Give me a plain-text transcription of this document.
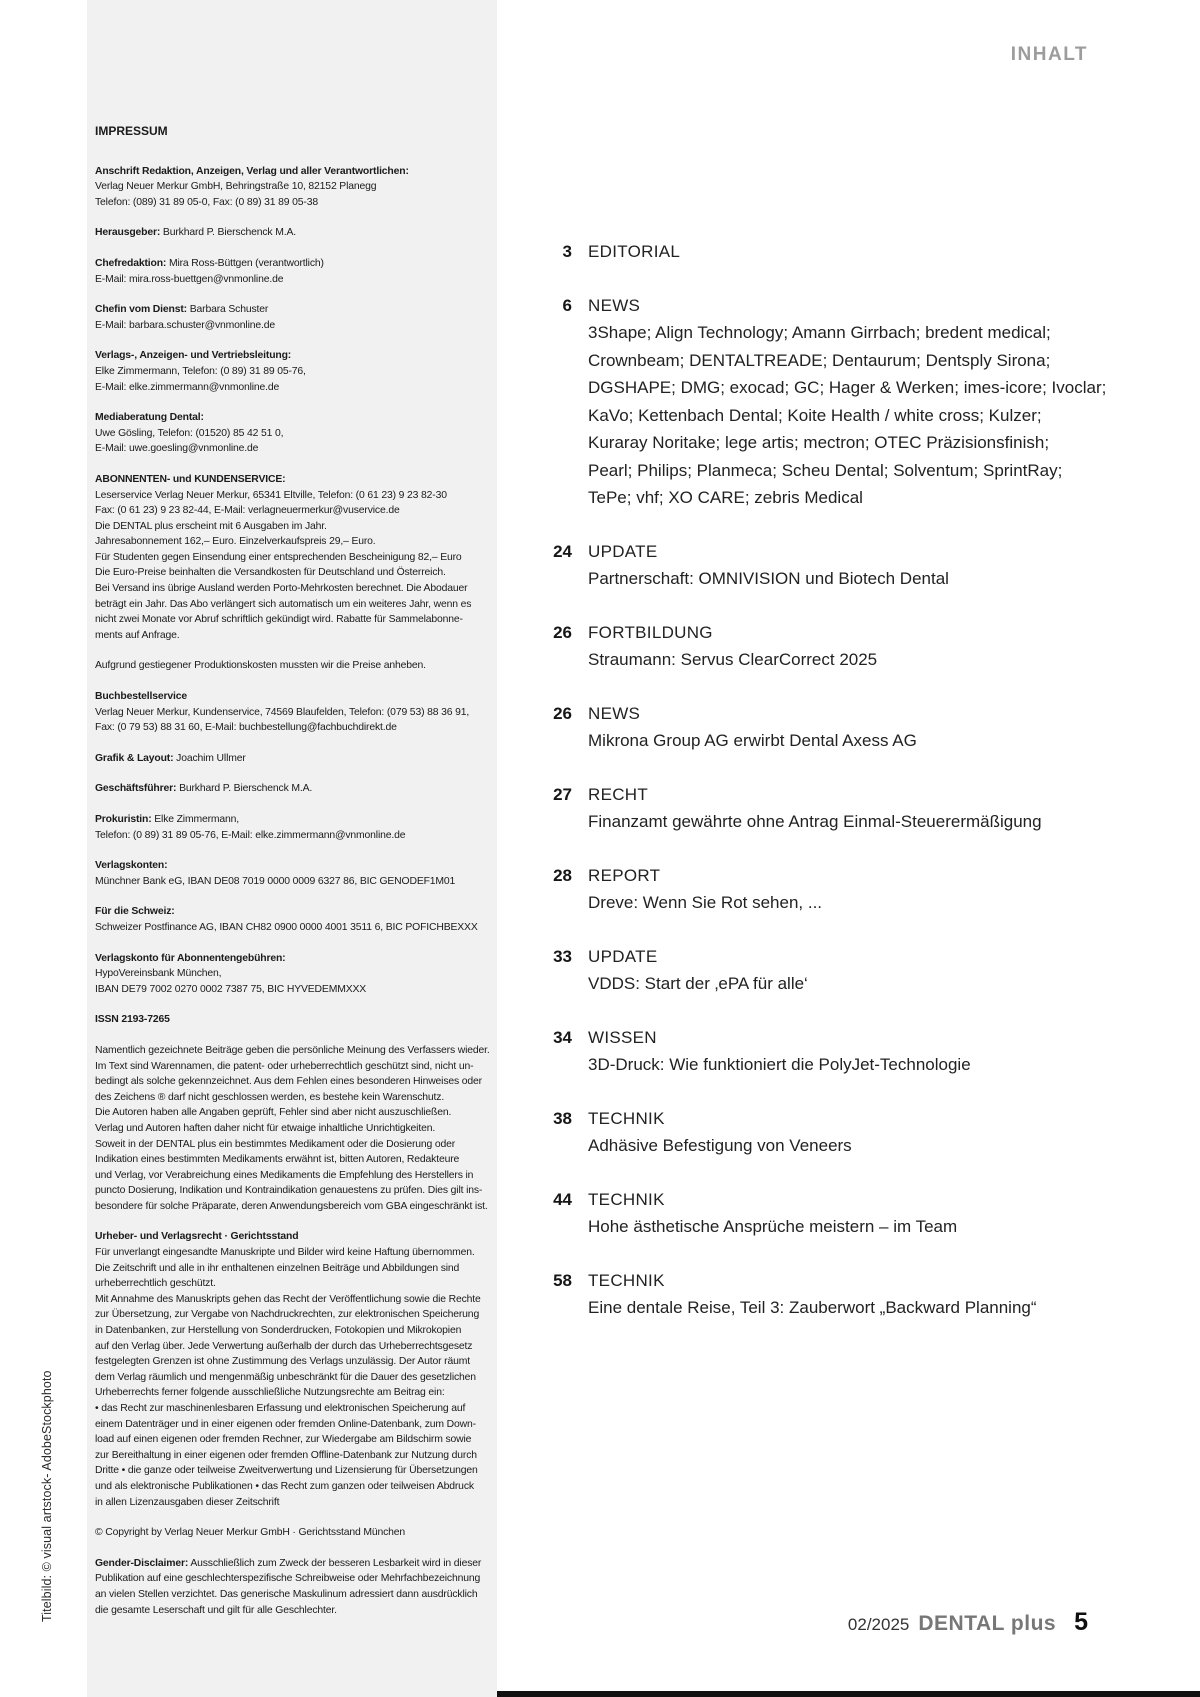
Titelbild: © visual artstock- AdobeStockphoto
INHALT
IMPRESSUM
Anschrift Redaktion, Anzeigen, Verlag und aller Verantwortlichen:
Verlag Neuer Merkur GmbH, Behringstraße 10, 82152 Planegg
Telefon: (089) 31 89 05-0, Fax: (0 89) 31 89 05-38
Herausgeber: Burkhard P. Bierschenck M.A.
Chefredaktion: Mira Ross-Büttgen (verantwortlich)
E-Mail: mira.ross-buettgen@vnmonline.de
Chefin vom Dienst: Barbara Schuster
E-Mail: barbara.schuster@vnmonline.de
Verlags-, Anzeigen- und Vertriebsleitung:
Elke Zimmermann, Telefon: (0 89) 31 89 05-76,
E-Mail: elke.zimmermann@vnmonline.de
Mediaberatung Dental:
Uwe Gösling, Telefon: (01520) 85 42 51 0,
E-Mail: uwe.goesling@vnmonline.de
ABONNENTEN- und KUNDENSERVICE:
Leserservice Verlag Neuer Merkur, 65341 Eltville, Telefon: (0 61 23) 9 23 82-30
Fax: (0 61 23) 9 23 82-44, E-Mail: verlagneuermerkur@vuservice.de
Die DENTAL plus erscheint mit 6 Ausgaben im Jahr.
Jahresabonnement 162,– Euro. Einzelverkaufspreis 29,– Euro.
Für Studenten gegen Einsendung einer entsprechenden Bescheinigung 82,– Euro
Die Euro-Preise beinhalten die Versandkosten für Deutschland und Österreich.
Bei Versand ins übrige Ausland werden Porto-Mehrkosten berechnet. Die Abodauer
beträgt ein Jahr. Das Abo verlängert sich automatisch um ein weiteres Jahr, wenn es
nicht zwei Monate vor Abruf schriftlich gekündigt wird. Rabatte für Sammelabonne-
ments auf Anfrage.
Aufgrund gestiegener Produktionskosten mussten wir die Preise anheben.
Buchbestellservice
Verlag Neuer Merkur, Kundenservice, 74569 Blaufelden, Telefon: (079 53) 88 36 91,
Fax: (0 79 53) 88 31 60, E-Mail: buchbestellung@fachbuchdirekt.de
Grafik & Layout: Joachim Ullmer
Geschäftsführer: Burkhard P. Bierschenck M.A.
Prokuristin: Elke Zimmermann,
Telefon: (0 89) 31 89 05-76, E-Mail: elke.zimmermann@vnmonline.de
Verlagskonten:
Münchner Bank eG, IBAN DE08 7019 0000 0009 6327 86, BIC GENODEF1M01
Für die Schweiz:
Schweizer Postfinance AG, IBAN CH82 0900 0000 4001 3511 6, BIC POFICHBEXXX
Verlagskonto für Abonnentengebühren:
HypoVereinsbank München,
IBAN DE79 7002 0270 0002 7387 75, BIC HYVEDEMMXXX
ISSN 2193-7265
Namentlich gezeichnete Beiträge geben die persönliche Meinung des Verfassers wieder.
Im Text sind Warennamen, die patent- oder urheberrechtlich geschützt sind, nicht un-
bedingt als solche gekennzeichnet. Aus dem Fehlen eines besonderen Hinweises oder
des Zeichens ® darf nicht geschlossen werden, es bestehe kein Warenschutz.
Die Autoren haben alle Angaben geprüft, Fehler sind aber nicht auszuschließen.
Verlag und Autoren haften daher nicht für etwaige inhaltliche Unrichtigkeiten.
Soweit in der DENTAL plus ein bestimmtes Medikament oder die Dosierung oder
Indikation eines bestimmten Medikaments erwähnt ist, bitten Autoren, Redakteure
und Verlag, vor Verabreichung eines Medikaments die Empfehlung des Herstellers in
puncto Dosierung, Indikation und Kontraindikation genauestens zu prüfen. Dies gilt ins-
besondere für solche Präparate, deren Anwendungsbereich vom GBA eingeschränkt ist.
Urheber- und Verlagsrecht · Gerichtsstand
Für unverlangt eingesandte Manuskripte und Bilder wird keine Haftung übernommen.
Die Zeitschrift und alle in ihr enthaltenen einzelnen Beiträge und Abbildungen sind
urheberrechtlich geschützt.
Mit Annahme des Manuskripts gehen das Recht der Veröffentlichung sowie die Rechte
zur Übersetzung, zur Vergabe von Nachdruckrechten, zur elektronischen Speicherung
in Datenbanken, zur Herstellung von Sonderdrucken, Fotokopien und Mikrokopien
auf den Verlag über. Jede Verwertung außerhalb der durch das Urheberrechtsgesetz
festgelegten Grenzen ist ohne Zustimmung des Verlags unzulässig. Der Autor räumt
dem Verlag räumlich und mengenmäßig unbeschränkt für die Dauer des gesetzlichen
Urheberrechts ferner folgende ausschließliche Nutzungsrechte am Beitrag ein:
• das Recht zur maschinenlesbaren Erfassung und elektronischen Speicherung auf
einem Datenträger und in einer eigenen oder fremden Online-Datenbank, zum Down-
load auf einen eigenen oder fremden Rechner, zur Wiedergabe am Bildschirm sowie
zur Bereithaltung in einer eigenen oder fremden Offline-Datenbank zur Nutzung durch
Dritte • die ganze oder teilweise Zweitverwertung und Lizensierung für Übersetzungen
und als elektronische Publikationen • das Recht zum ganzen oder teilweisen Abdruck
in allen Lizenzausgaben dieser Zeitschrift
© Copyright by Verlag Neuer Merkur GmbH · Gerichtsstand München
Gender-Disclaimer: Ausschließlich zum Zweck der besseren Lesbarkeit wird in dieser
Publikation auf eine geschlechterspezifische Schreibweise oder Mehrfachbezeichnung
an vielen Stellen verzichtet. Das generische Maskulinum adressiert dann ausdrücklich
die gesamte Leserschaft und gilt für alle Geschlechter.
3 EDITORIAL
6 NEWS
3Shape; Align Technology; Amann Girrbach; bredent medical;
Crownbeam; DENTALTREADE; Dentaurum; Dentsply Sirona;
DGSHAPE; DMG; exocad; GC; Hager & Werken; imes-icore; Ivoclar;
KaVo; Kettenbach Dental; Koite Health / white cross; Kulzer;
Kuraray Noritake; lege artis; mectron; OTEC Präzisionsfinish;
Pearl; Philips; Planmeca; Scheu Dental; Solventum; SprintRay;
TePe; vhf; XO CARE; zebris Medical
24 UPDATE
Partnerschaft: OMNIVISION und Biotech Dental
26 FORTBILDUNG
Straumann: Servus ClearCorrect 2025
26 NEWS
Mikrona Group AG erwirbt Dental Axess AG
27 RECHT
Finanzamt gewährte ohne Antrag Einmal-Steuerermäßigung
28 REPORT
Dreve: Wenn Sie Rot sehen, ...
33 UPDATE
VDDS: Start der ‚ePA für alle‘
34 WISSEN
3D-Druck: Wie funktioniert die PolyJet-Technologie
38 TECHNIK
Adhäsive Befestigung von Veneers
44 TECHNIK
Hohe ästhetische Ansprüche meistern – im Team
58 TECHNIK
Eine dentale Reise, Teil 3: Zauberwort „Backward Planning“
02/2025 DENTAL plus 5
